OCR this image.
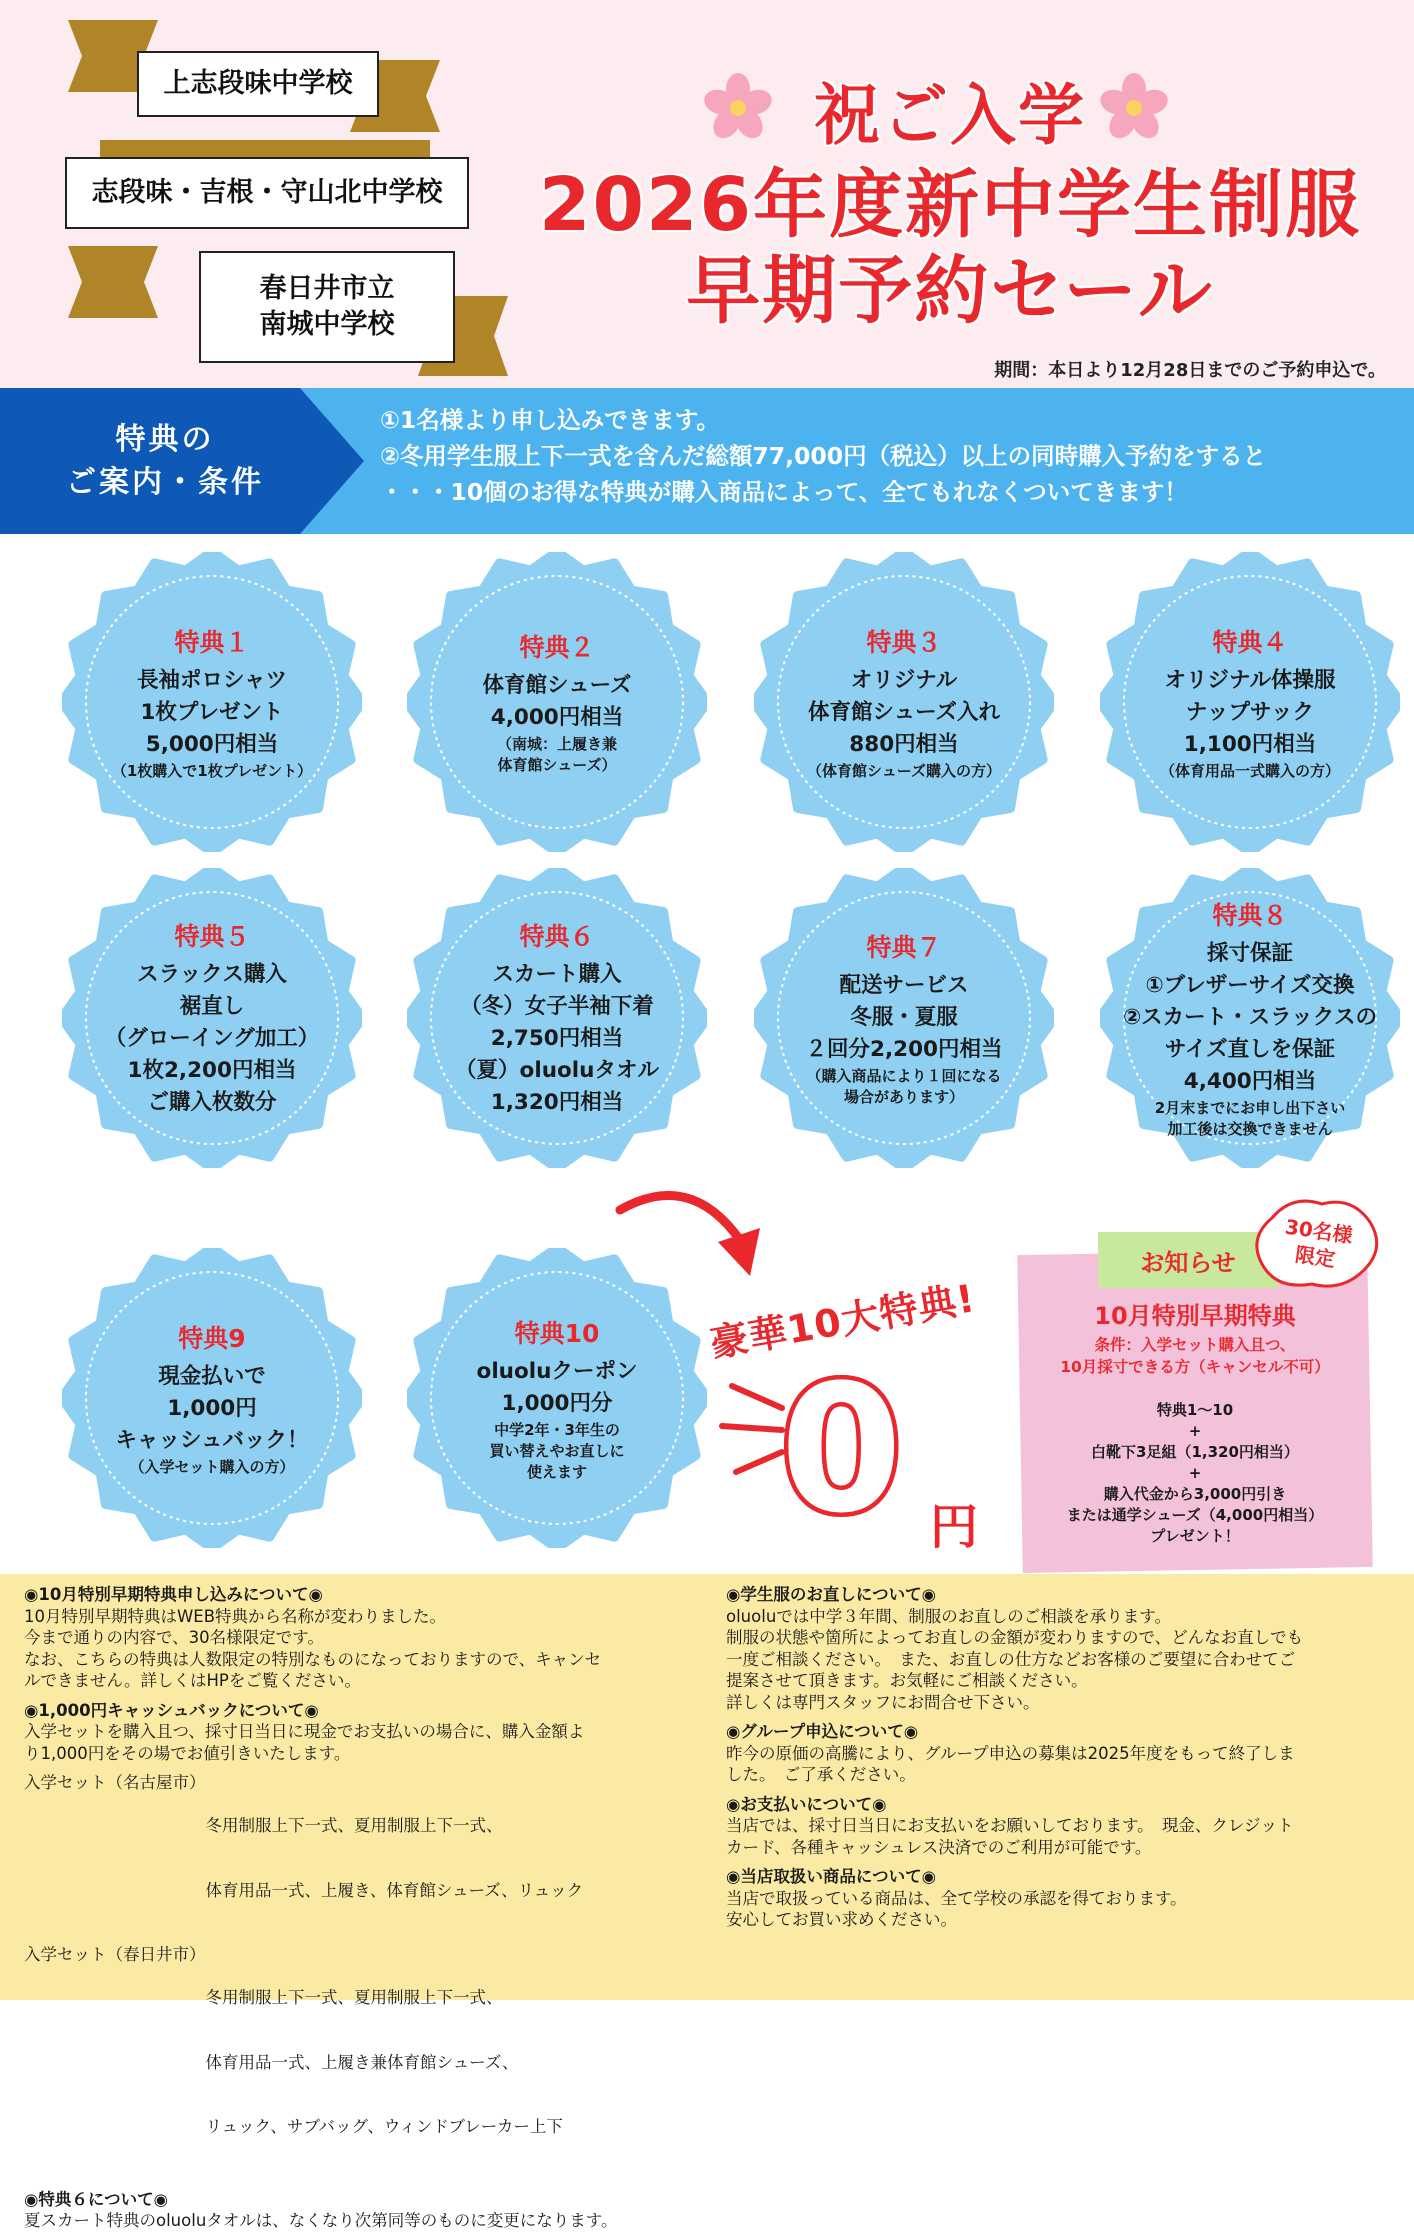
上志段味中学校
志段味・吉根・守山北中学校
春日井市立
南城中学校
祝ご入学
2026年度新中学生制服
早期予約セール
期間：本日より12月28日までのご予約申込で。
特典の
ご案内・条件
①1名様より申し込みできます。
②冬用学生服上下一式を含んだ総額77,000円（税込）以上の同時購入予約をすると
・・・10個のお得な特典が購入商品によって、全てもれなくついてきます！
特典１
長袖ポロシャツ
1枚プレゼント
5,000円相当
（1枚購入で1枚プレゼント）
特典２
体育館シューズ
4,000円相当
（南城：上履き兼
体育館シューズ）
特典３
オリジナル
体育館シューズ入れ
880円相当
（体育館シューズ購入の方）
特典４
オリジナル体操服
ナップサック
1,100円相当
（体育用品一式購入の方）
特典５
スラックス購入
裾直し
（グローイング加工）
1枚2,200円相当
ご購入枚数分
特典６
スカート購入
（冬）女子半袖下着
2,750円相当
（夏）oluoluタオル
1,320円相当
特典７
配送サービス
冬服・夏服
２回分2,200円相当
（購入商品により１回になる
場合があります）
特典８
採寸保証
①ブレザーサイズ交換
②スカート・スラックスの
サイズ直しを保証
4,400円相当
2月末までにお申し出下さい
加工後は交換できません
特典9
現金払いで
1,000円
キャッシュバック！
（入学セット購入の方）
特典10
oluoluクーポン
1,000円分
中学2年・3年生の
買い替えやお直しに
使えます
豪華10大特典!
0 円
お知らせ
30名様
限定
10月特別早期特典
条件：入学セット購入且つ、
10月採寸できる方（キャンセル不可）
特典1〜10
+
白靴下3足組（1,320円相当）
+
購入代金から3,000円引き
または通学シューズ（4,000円相当）
プレゼント！
◉10月特別早期特典申し込みについて◉
10月特別早期特典はWEB特典から名称が変わりました。
今まで通りの内容で、30名様限定です。
なお、こちらの特典は人数限定の特別なものになっておりますので、キャンセ
ルできません。詳しくはHPをご覧ください。
◉1,000円キャッシュバックについて◉
入学セットを購入且つ、採寸日当日に現金でお支払いの場合に、購入金額よ
り1,000円をその場でお値引きいたします。
入学セット（名古屋市）

冬用制服上下一式、夏用制服上下一式、

体育用品一式、上履き、体育館シューズ、リュック

入学セット（春日井市）

冬用制服上下一式、夏用制服上下一式、

体育用品一式、上履き兼体育館シューズ、

リュック、サブバッグ、ウィンドブレーカー上下

◉特典６について◉
夏スカート特典のoluoluタオルは、なくなり次第同等のものに変更になります。
◉学生服のお直しについて◉
oluoluでは中学３年間、制服のお直しのご相談を承ります。
制服の状態や箇所によってお直しの金額が変わりますので、どんなお直しでも
一度ご相談ください。　また、お直しの仕方などお客様のご要望に合わせてご
提案させて頂きます。お気軽にご相談ください。
詳しくは専門スタッフにお問合せ下さい。
◉グループ申込について◉
昨今の原価の高騰により、グループ申込の募集は2025年度をもって終了しま
した。　ご了承ください。
◉お支払いについて◉
当店では、採寸日当日にお支払いをお願いしております。　現金、クレジット
カード、各種キャッシュレス決済でのご利用が可能です。
◉当店取扱い商品について◉
当店で取扱っている商品は、全て学校の承認を得ております。
安心してお買い求めください。
